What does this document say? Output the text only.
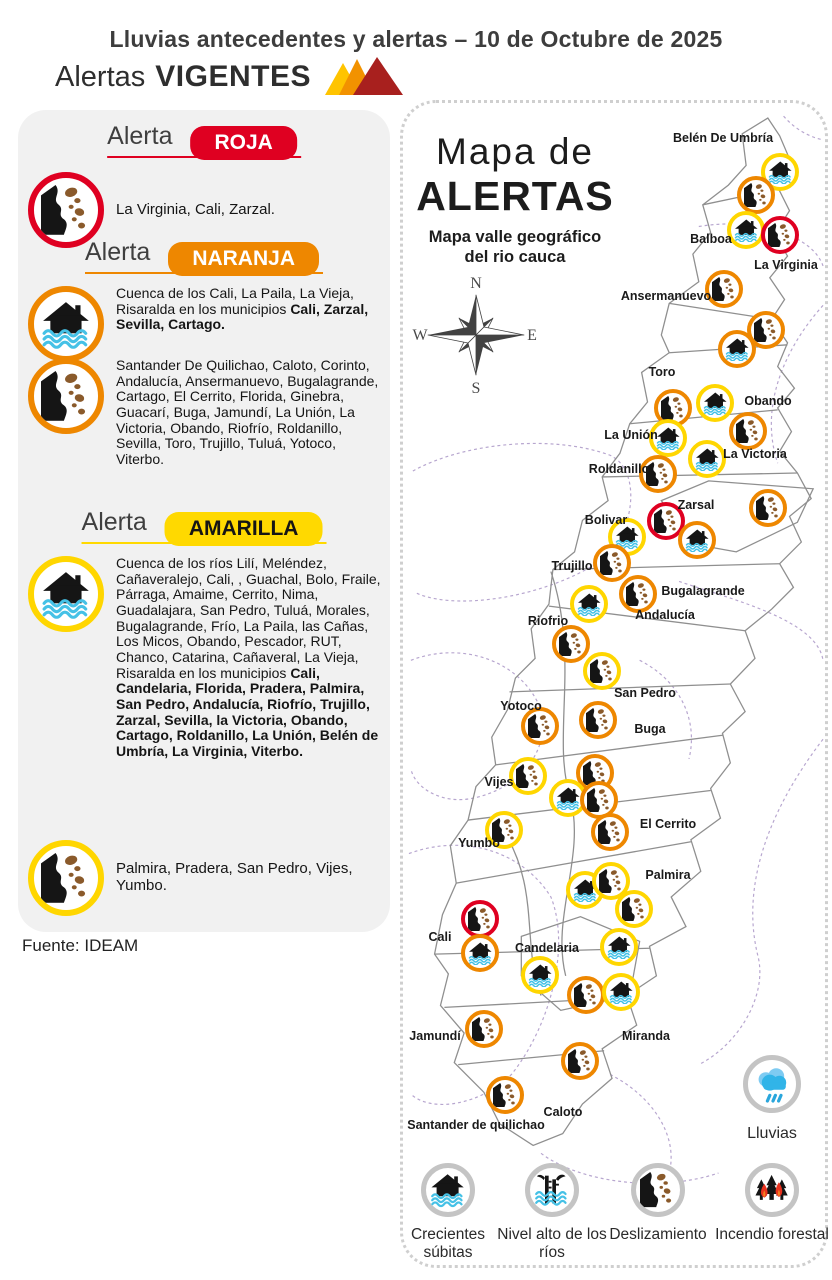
Lluvias antecedentes y alertas – 10 de Octubre de 2025
Alertas VIGENTES
Alerta	ROJA

La Virginia, Cali, Zarzal.

Alerta	NARANJA

Cuenca de los Cali, La Paila, La Vieja, Risaralda en los municipios Cali, Zarzal, Sevilla, Cartago.

Santander De Quilichao, Caloto, Corinto, Andalucía, Ansermanuevo, Bugalagrande, Cartago, El Cerrito, Florida, Ginebra, Guacarí, Buga, Jamundí, La Unión, La Victoria, Obando, Riofrío, Roldanillo, Sevilla, Toro, Trujillo, Tuluá, Yotoco, Viterbo.

Alerta	AMARILLA

Cuenca de los ríos Lilí, Meléndez, Cañaveralejo, Cali, , Guachal, Bolo, Fraile, Párraga, Amaime, Cerrito, Nima, Guadalajara, San Pedro, Tuluá, Morales, Bugalagrande, Frío, La Paila, las Cañas, Los Micos, Obando, Pescador, RUT, Chanco, Catarina, Cañaveral, La Vieja, Risaralda en los municipios Cali, Candelaria, Florida, Pradera, Palmira, San Pedro, Andalucía, Riofrío, Trujillo, Zarzal, Sevilla, la Victoria, Obando, Cartago, Roldanillo, La Unión, Belén de Umbría, La Virginia, Viterbo.

Palmira, Pradera, San Pedro, Vijes, Yumbo.

Fuente: IDEAM
Mapa de
ALERTAS
Mapa valle geográfico del rio cauca
N
S
E
W
Belén De Umbría
Balboa
La Virginia
Ansermanuevo
Toro
Obando
La Unión
La Victoria
Roldanillo
Zarsal
Bolivar
Trujillo
Bugalagrande
Andalucía
Riofrio
San Pedro
Yotoco
Buga
Vijes
El Cerrito
Yumbo
Palmira
Cali
Candelaria
Jamundí	Miranda
Caloto
Santander de quilichao	Lluvias
Crecientes súbitas
Nivel alto de los ríos
Deslizamiento Incendio forestal
